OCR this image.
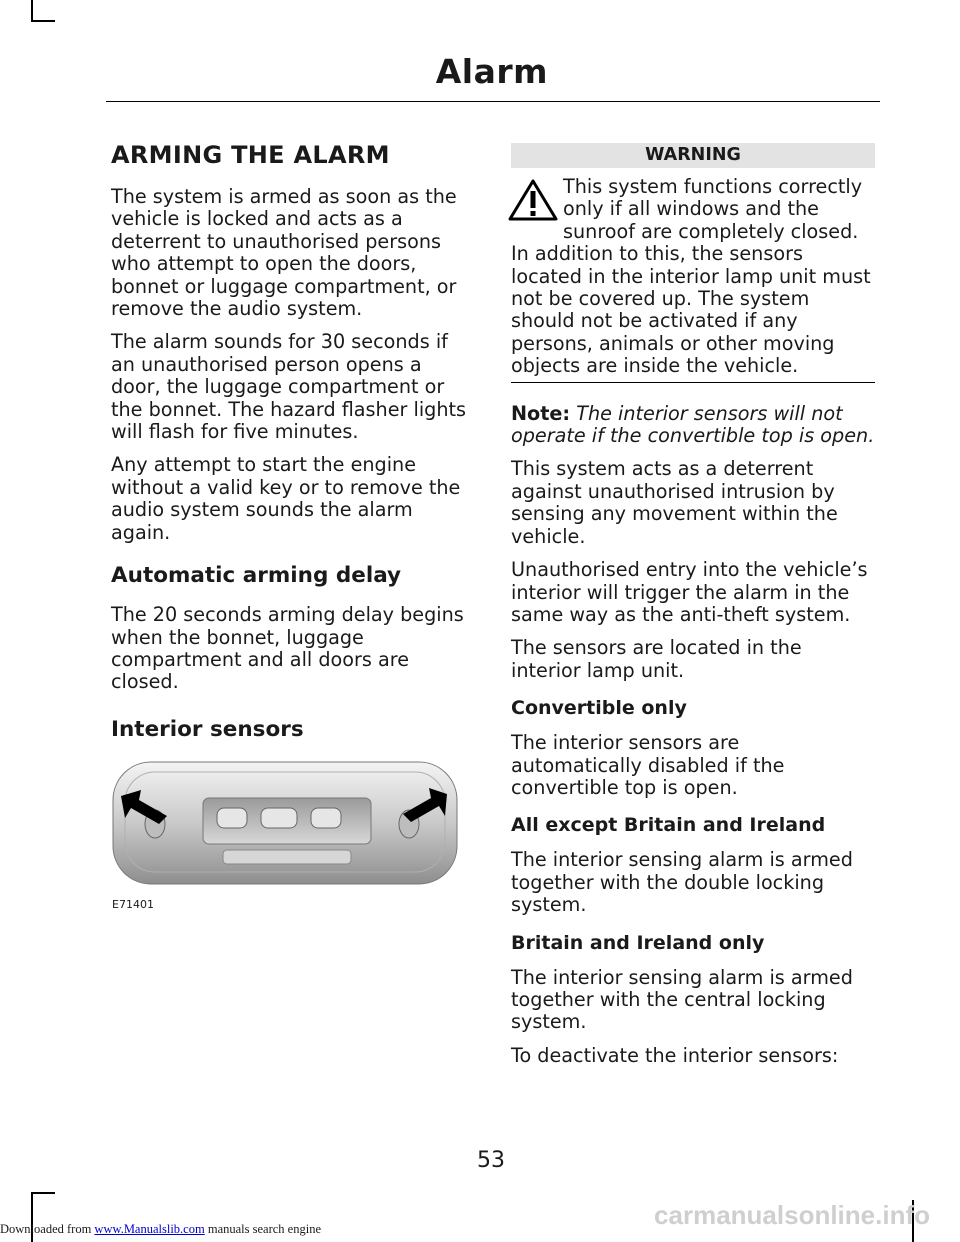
Alarm
ARMING THE ALARM

The system is armed as soon as the vehicle is locked and acts as a deterrent to unauthorised persons who attempt to open the doors, bonnet or luggage compartment, or remove the audio system.

The alarm sounds for 30 seconds if an unauthorised person opens a door, the luggage compartment or the bonnet. The hazard flasher lights will flash for five minutes.

Any attempt to start the engine without a valid key or to remove the audio system sounds the alarm again.

Automatic arming delay

The 20 seconds arming delay begins when the bonnet, luggage compartment and all doors are closed.

Interior sensors
E71401
WARNING

This system functions correctly only if all windows and the sunroof are completely closed. In addition to this, the sensors located in the interior lamp unit must not be covered up. The system should not be activated if any persons, animals or other moving objects are inside the vehicle.

Note: The interior sensors will not operate if the convertible top is open.

This system acts as a deterrent against unauthorised intrusion by sensing any movement within the vehicle.

Unauthorised entry into the vehicle’s interior will trigger the alarm in the same way as the anti-theft system.

The sensors are located in the interior lamp unit.

Convertible only

The interior sensors are automatically disabled if the convertible top is open.

All except Britain and Ireland

The interior sensing alarm is armed together with the double locking system.

Britain and Ireland only

The interior sensing alarm is armed together with the central locking system.

To deactivate the interior sensors:

53
Downloaded from www.Manualslib.com manuals search engine	carmanualsonline.info
